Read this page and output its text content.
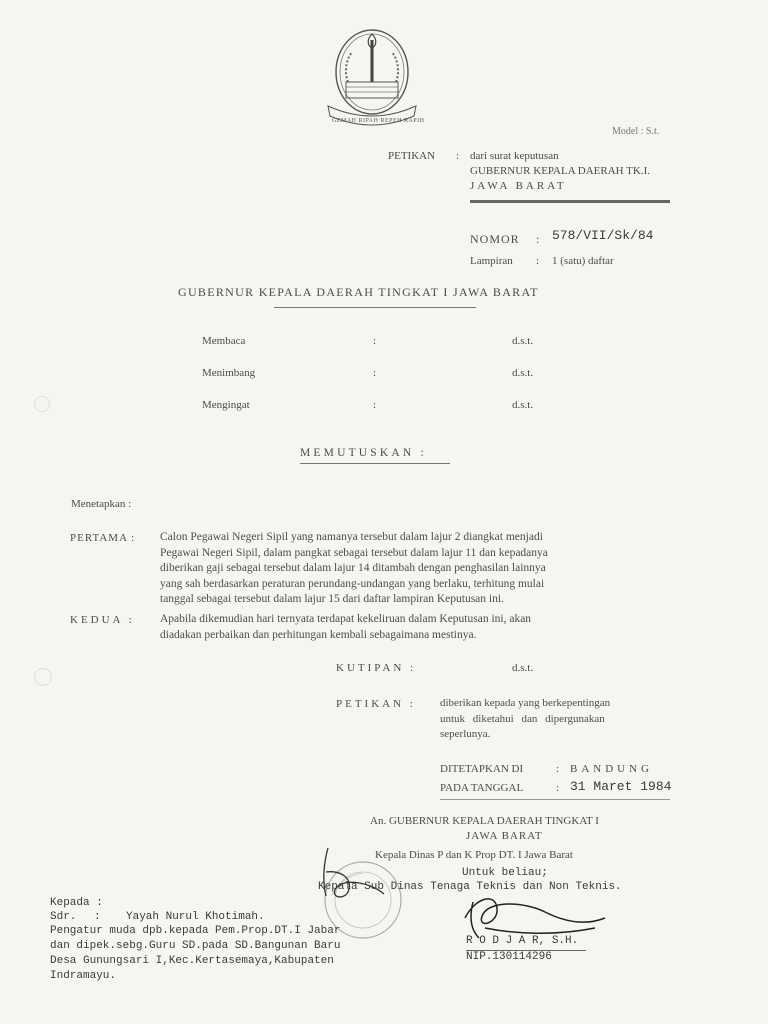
GEMAH RIPAH REPEH RAPIH
Model : S.t.
PETIKAN : dari surat keputusan
GUBERNUR KEPALA DAERAH TK.I.
JAWA BARAT
NOMOR : 578/VII/Sk/84
Lampiran : 1 (satu) daftar
GUBERNUR KEPALA DAERAH TINGKAT I JAWA BARAT
Membaca	:	d.s.t.
Menimbang	:	d.s.t.
Mengingat	:	d.s.t.
MEMUTUSKAN :
Menetapkan :
PERTAMA : Calon Pegawai Negeri Sipil yang namanya tersebut dalam lajur 2 diangkat menjadi
Pegawai Negeri Sipil, dalam pangkat sebagai tersebut dalam lajur 11 dan kepadanya
diberikan gaji sebagai tersebut dalam lajur 14 ditambah dengan penghasilan lainnya
yang sah berdasarkan peraturan perundang-undangan yang berlaku, terhitung mulai
tanggal sebagai tersebut dalam lajur 15 dari daftar lampiran Keputusan ini.
KEDUA : Apabila dikemudian hari ternyata terdapat kekeliruan dalam Keputusan ini, akan
diadakan perbaikan dan perhitungan kembali sebagaimana mestinya.
KUTIPAN :	d.s.t.
PETIKAN : diberikan kepada yang berkepentingan
untuk diketahui dan dipergunakan
seperlunya.
DITETAPKAN DI	: BANDUNG
PADA TANGGAL	: 31 Maret 1984
An. GUBERNUR KEPALA DAERAH TINGKAT I
JAWA BARAT
Kepala Dinas P dan K Prop DT. I Jawa Barat
Untuk beliau;
Kepala Sub Dinas Tenaga Teknis dan Non Teknis.
R O D J A R, S.H.
NIP.130114296
Kepada :
Sdr. : Yayah Nurul Khotimah.
Pengatur muda dpb.kepada Pem.Prop.DT.I Jabar
dan dipek.sebg.Guru SD.pada SD.Bangunan Baru
Desa Gunungsari I,Kec.Kertasemaya,Kabupaten
Indramayu.
